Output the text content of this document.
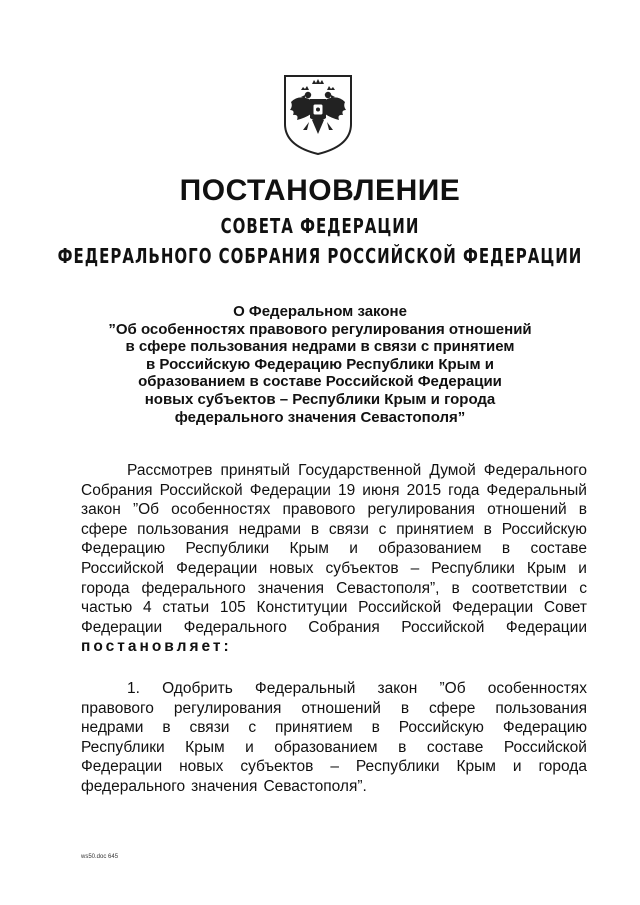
ПОСТАНОВЛЕНИЕ
СОВЕТА ФЕДЕРАЦИИ
ФЕДЕРАЛЬНОГО СОБРАНИЯ РОССИЙСКОЙ ФЕДЕРАЦИИ
О Федеральном законе
”Об особенностях правового регулирования отношений
в сфере пользования недрами в связи с принятием
в Российскую Федерацию Республики Крым и
образованием в составе Российской Федерации
новых субъектов – Республики Крым и города
федерального значения Севастополя”
Рассмотрев принятый Государственной Думой Федерального
Собрания Российской Федерации 19 июня 2015 года Федеральный
закон ”Об особенностях правового регулирования отношений в
сфере пользования недрами в связи с принятием в Российскую
Федерацию Республики Крым и образованием в составе
Российской Федерации новых субъектов – Республики Крым и
города федерального значения Севастополя”, в соответствии с
частью 4 статьи 105 Конституции Российской Федерации Совет
Федерации Федерального Собрания Российской Федерации
постановляет:
1. Одобрить Федеральный закон ”Об особенностях
правового регулирования отношений в сфере пользования
недрами в связи с принятием в Российскую Федерацию
Республики Крым и образованием в составе Российской
Федерации новых субъектов – Республики Крым и города
федерального значения Севастополя”.
ws50.doc 645
